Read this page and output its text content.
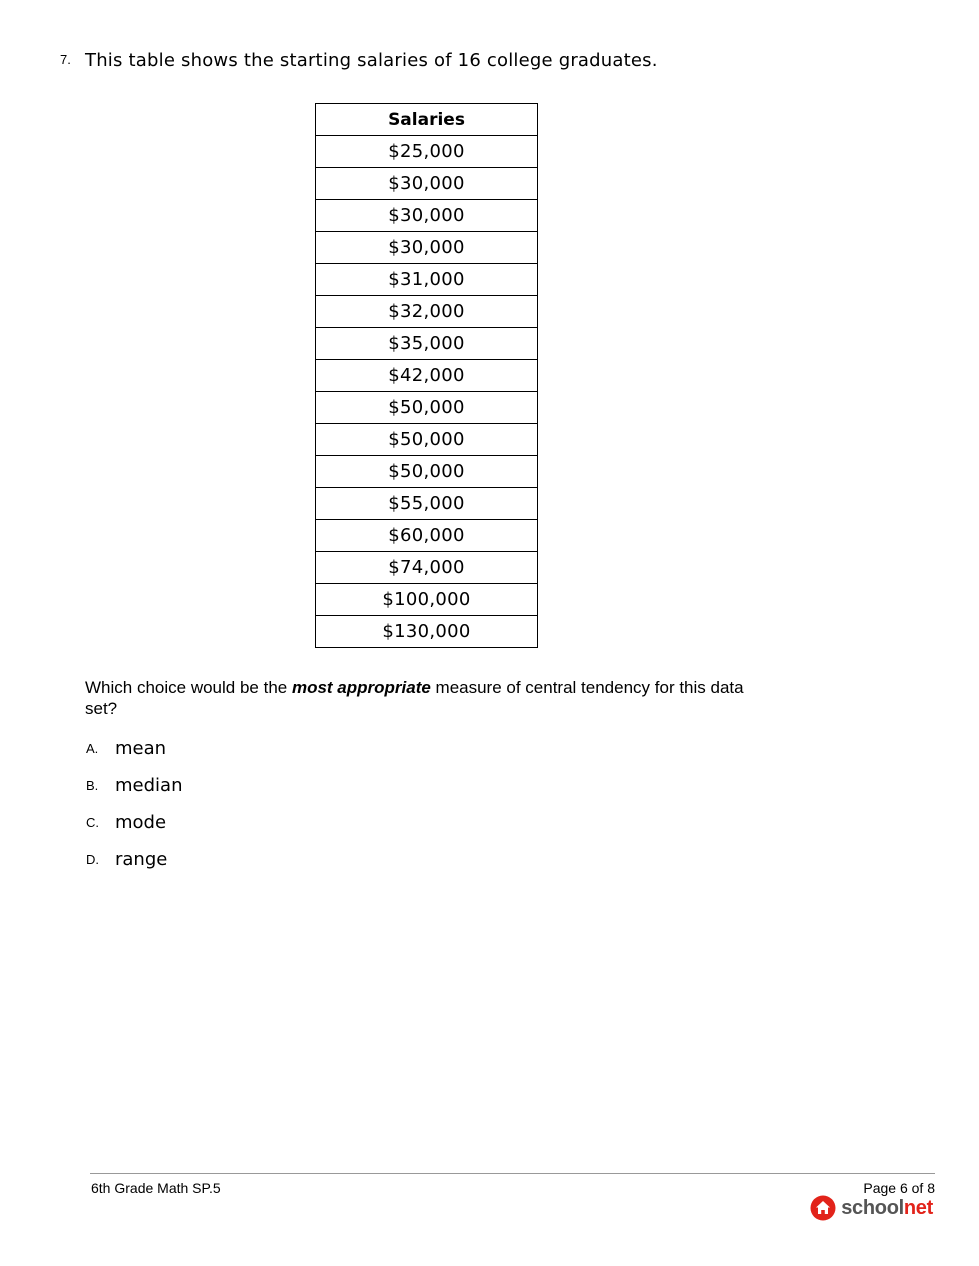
7. This table shows the starting salaries of 16 college graduates.
Salaries
$25,000
$30,000
$30,000
$30,000
$31,000
$32,000
$35,000
$42,000
$50,000
$50,000
$50,000
$55,000
$60,000
$74,000
$100,000
$130,000
Which choice would be the most appropriate measure of central tendency for this data set?
A. mean
B. median
C. mode
D. range
6th Grade Math SP.5	Page 6 of 8
schoolnet
